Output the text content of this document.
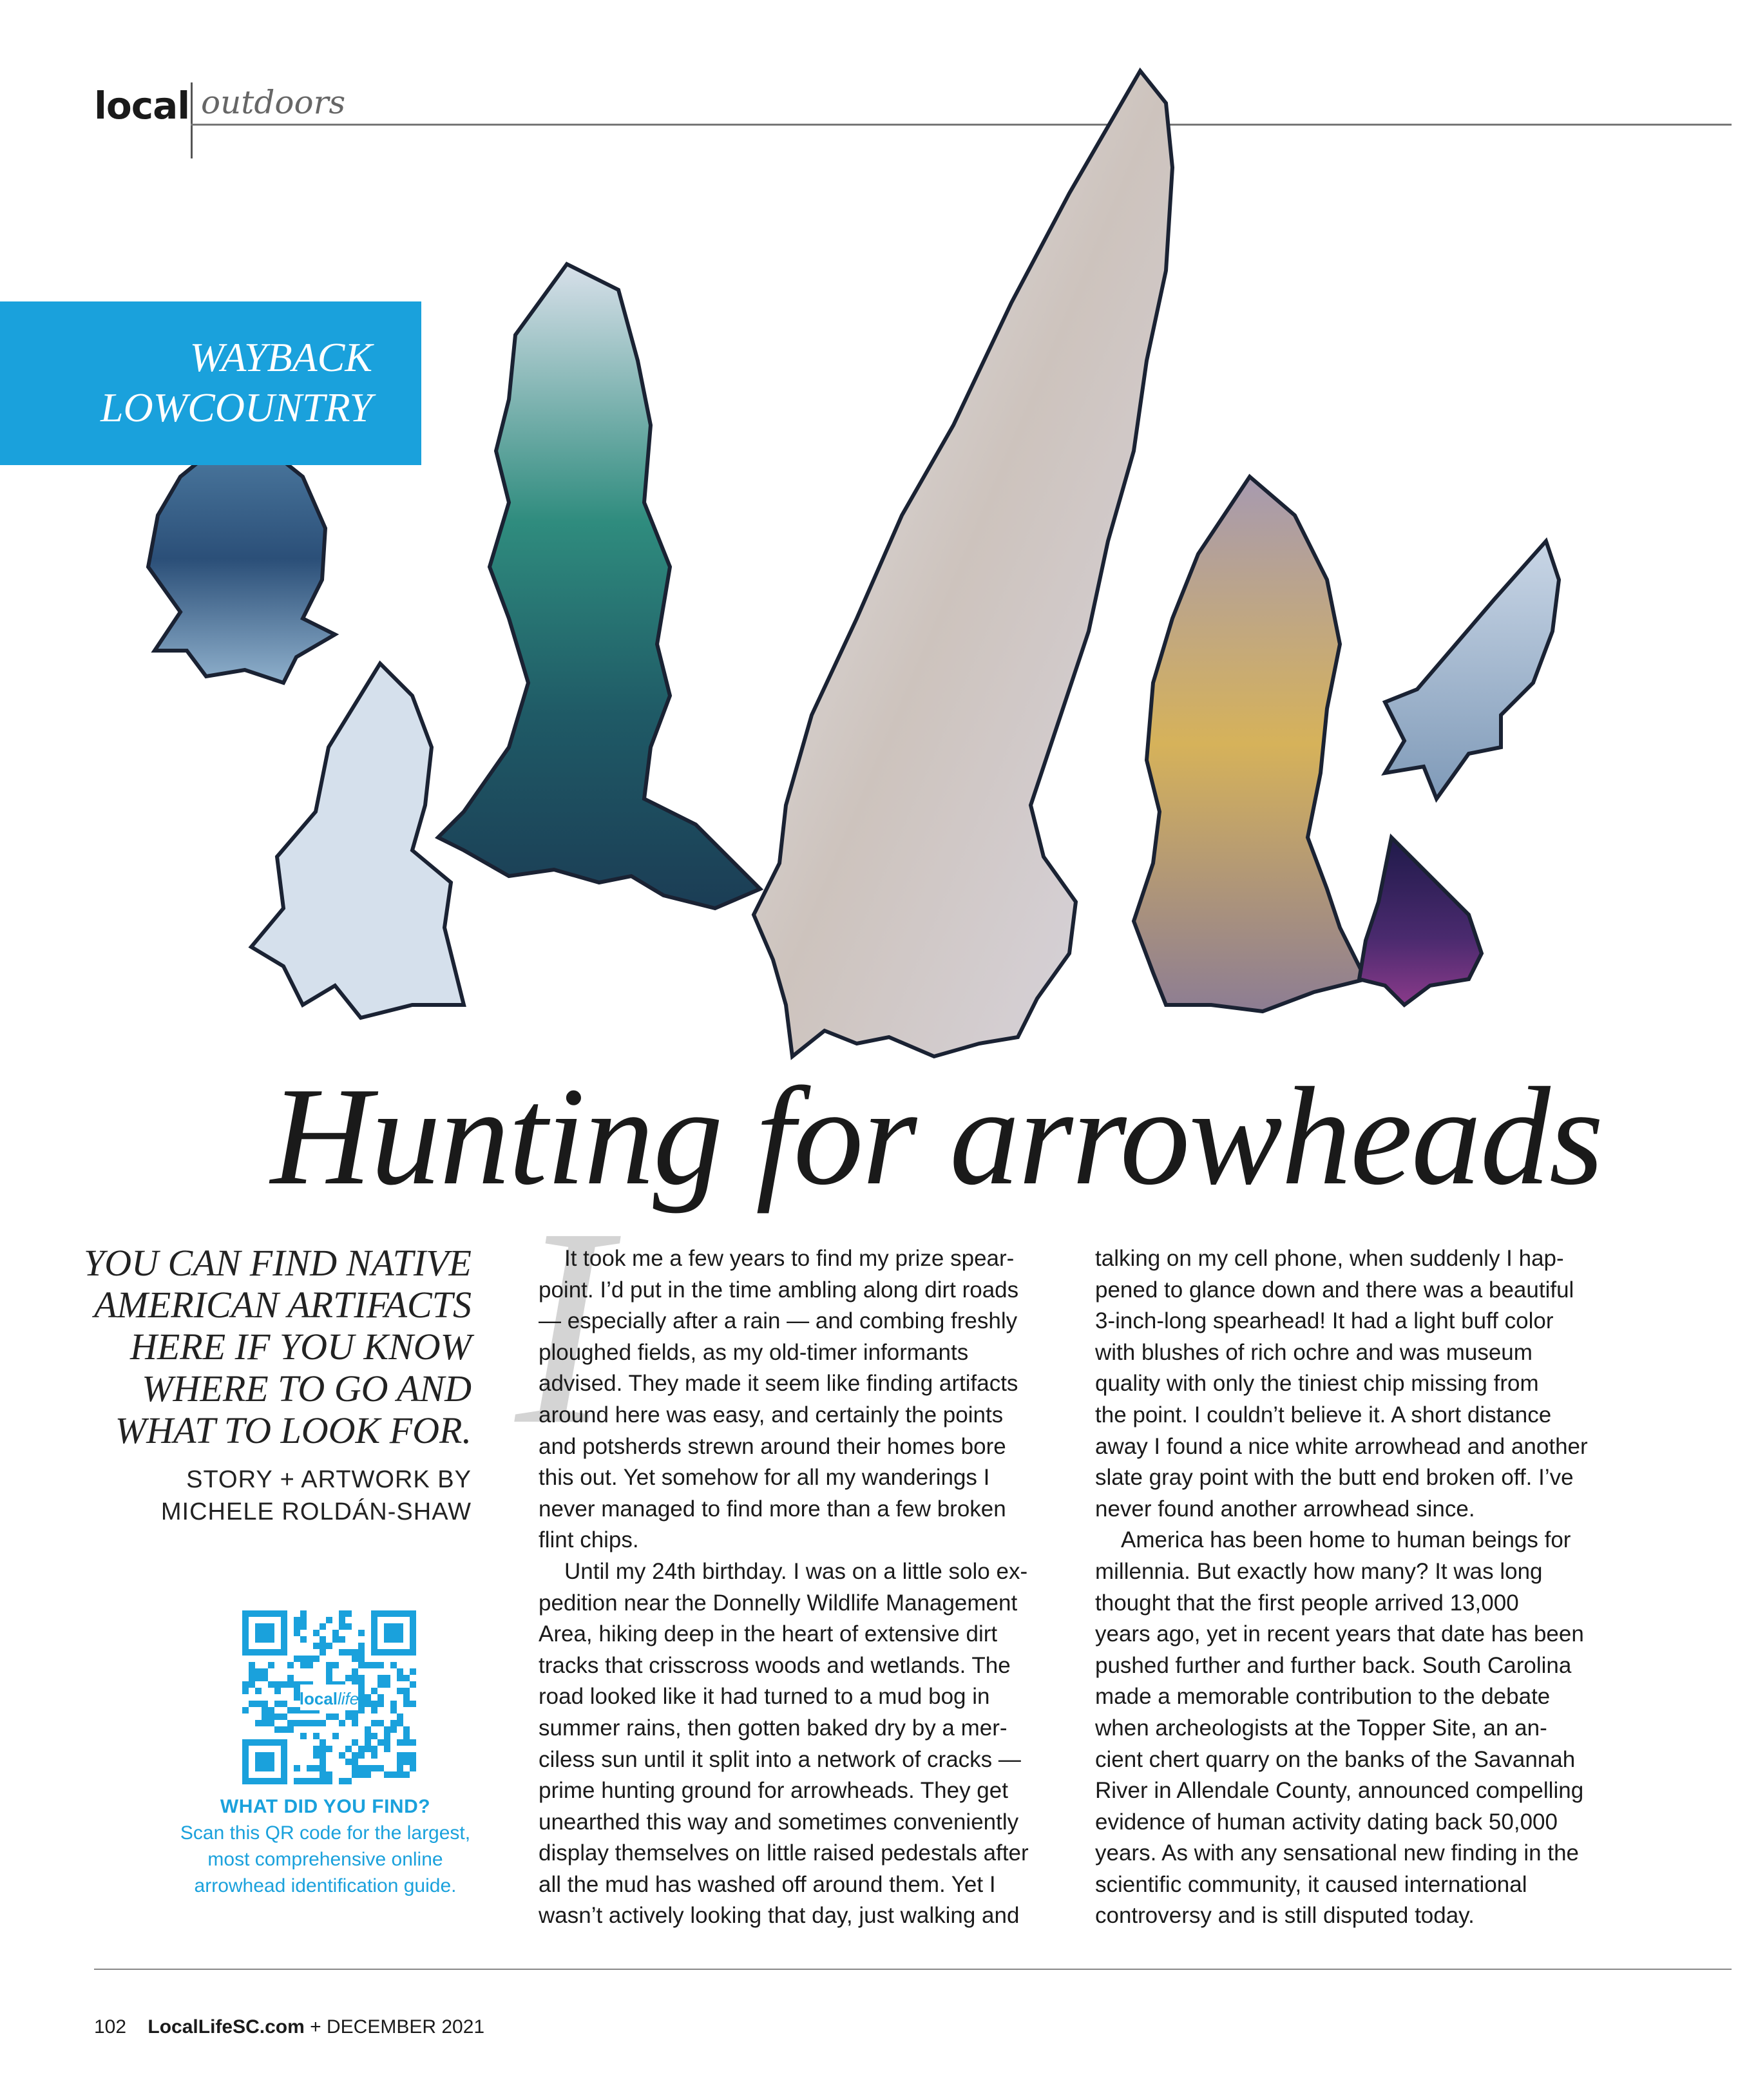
local outdoors
WAYBACK
LOWCOUNTRY
I
Hunting for arrowheads
YOU CAN FIND NATIVE
AMERICAN ARTIFACTS
HERE IF YOU KNOW
WHERE TO GO AND
WHAT TO LOOK FOR.
STORY + ARTWORK BY
MICHELE ROLDÁN-SHAW
locallife
WHAT DID YOU FIND?
Scan this QR code for the largest,
most comprehensive online
arrowhead identification guide.
It took me a few years to find my prize spear-
point. I’d put in the time ambling along dirt roads
— especially after a rain — and combing freshly
ploughed fields, as my old-timer informants
advised. They made it seem like finding artifacts
around here was easy, and certainly the points
and potsherds strewn around their homes bore
this out. Yet somehow for all my wanderings I
never managed to find more than a few broken
flint chips.
Until my 24th birthday. I was on a little solo ex-
pedition near the Donnelly Wildlife Management
Area, hiking deep in the heart of extensive dirt
tracks that crisscross woods and wetlands. The
road looked like it had turned to a mud bog in
summer rains, then gotten baked dry by a mer-
ciless sun until it split into a network of cracks —
prime hunting ground for arrowheads. They get
unearthed this way and sometimes conveniently
display themselves on little raised pedestals after
all the mud has washed off around them. Yet I
wasn’t actively looking that day, just walking and
talking on my cell phone, when suddenly I hap-
pened to glance down and there was a beautiful
3-inch-long spearhead! It had a light buff color
with blushes of rich ochre and was museum
quality with only the tiniest chip missing from
the point. I couldn’t believe it. A short distance
away I found a nice white arrowhead and another
slate gray point with the butt end broken off. I’ve
never found another arrowhead since.
America has been home to human beings for
millennia. But exactly how many? It was long
thought that the first people arrived 13,000
years ago, yet in recent years that date has been
pushed further and further back. South Carolina
made a memorable contribution to the debate
when archeologists at the Topper Site, an an-
cient chert quarry on the banks of the Savannah
River in Allendale County, announced compelling
evidence of human activity dating back 50,000
years. As with any sensational new finding in the
scientific community, it caused international
controversy and is still disputed today.
102 LocalLifeSC.com + DECEMBER 2021
